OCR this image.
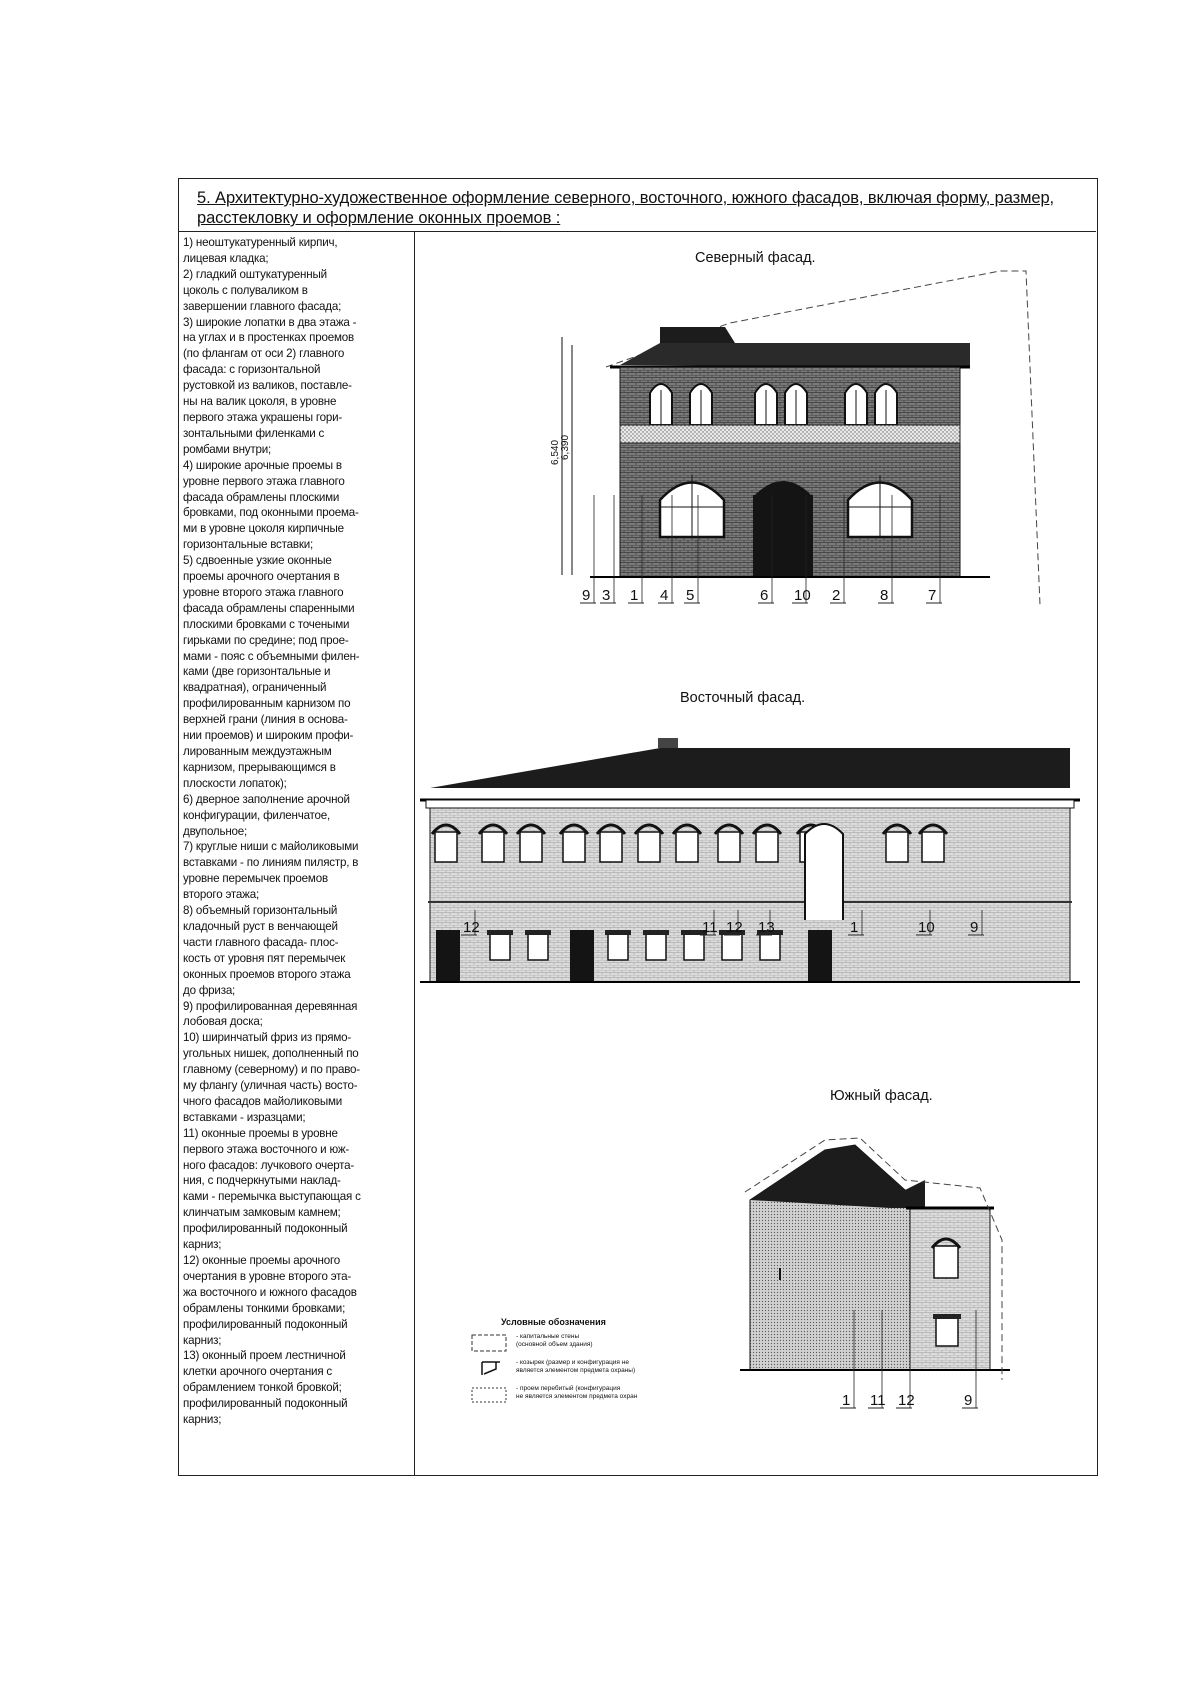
5. Архитектурно-художественное оформление северного, восточного, южного фасадов, включая форму, размер, расстекловку и оформление оконных проемов :
1) неоштукатуренный кирпич,
лицевая кладка;
2) гладкий оштукатуренный
цоколь с полуваликом в
завершении главного фасада;
3) широкие лопатки в два этажа -
на углах и в простенках проемов
(по флангам от оси 2) главного
фасада: с горизонтальной
рустовкой из валиков, поставле-
ны на валик цоколя, в уровне
первого этажа украшены гори-
зонтальными филенками с
ромбами внутри;
4) широкие арочные проемы в
уровне первого этажа главного
фасада обрамлены плоскими
бровками, под оконными проема-
ми в уровне цоколя кирпичные
горизонтальные вставки;
5) сдвоенные узкие оконные
проемы арочного очертания в
уровне второго этажа главного
фасада обрамлены спаренными
плоскими бровками с точеными
гирьками по средине; под прое-
мами - пояс с объемными филен-
ками (две горизонтальные и
квадратная), ограниченный
профилированным карнизом по
верхней грани (линия в основа-
нии проемов) и широким профи-
лированным междуэтажным
карнизом, прерывающимся в
плоскости лопаток);
6) дверное заполнение арочной
конфигурации, филенчатое,
двупольное;
7) круглые ниши с майоликовыми
вставками - по линиям пилястр, в
уровне перемычек проемов
второго этажа;
8) объемный горизонтальный
кладочный руст в венчающей
части главного фасада- плос-
кость от уровня пят перемычек
оконных проемов второго этажа
до фриза;
9) профилированная деревянная
лобовая доска;
10) ширинчатый фриз из прямо-
угольных нишек, дополненный по
главному (северному) и по право-
му флангу (уличная часть) восто-
чного фасадов майоликовыми
вставками - изразцами;
11) оконные проемы в уровне
первого этажа восточного и юж-
ного фасадов: лучкового очерта-
ния, с подчеркнутыми наклад-
ками - перемычка выступающая с
клинчатым замковым камнем;
профилированный подоконный
карниз;
12) оконные проемы арочного
очертания в уровне второго эта-
жа восточного и южного фасадов
обрамлены тонкими бровками;
профилированный подоконный
карниз;
13) оконный проем лестничной
клетки арочного очертания с
обрамлением тонкой бровкой;
профилированный подоконный
карниз;
Северный фасад.
6,540 6,390
9 3 1 4 5	6 10 2	8	7
Восточный фасад.
12	11 12 13	1	10 9
Южный фасад.
1 11 12	9
Условные обозначения
- капитальные стены
(основной объем здания)
- козырек (размер и конфигурация не
является элементом предмета охраны)
- проем перебитый (конфигурация
не является элементом предмета охран
